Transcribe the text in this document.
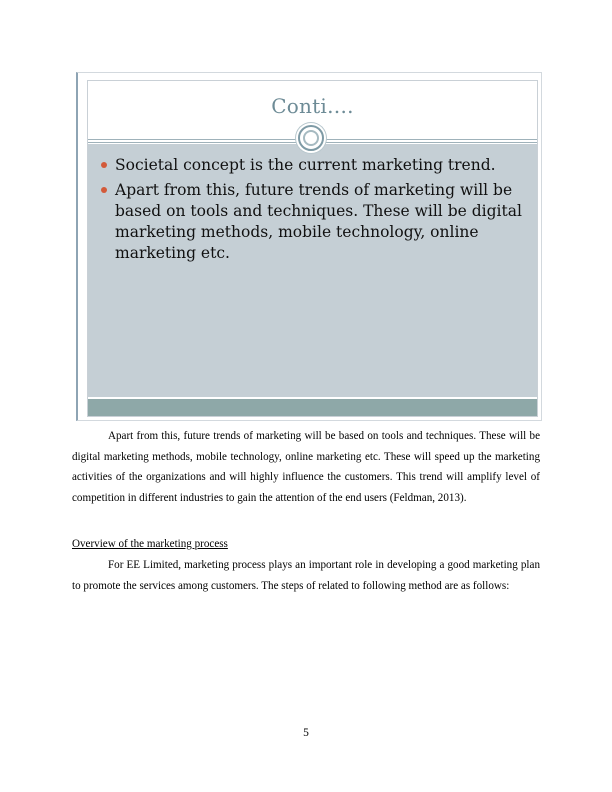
Conti….
Societal concept is the current marketing trend.
Apart from this, future trends of marketing will be based on tools and techniques. These will be digital marketing methods, mobile technology, online marketing etc.

Apart from this, future trends of marketing will be based on tools and techniques. These will be digital marketing methods, mobile technology, online marketing etc. These will speed up the marketing activities of the organizations and will highly influence the customers. This trend will amplify level of competition in different industries to gain the attention of the end users (Feldman, 2013).

Overview of the marketing process

For EE Limited, marketing process plays an important role in developing a good marketing plan to promote the services among customers. The steps of related to following method are as follows:

5
